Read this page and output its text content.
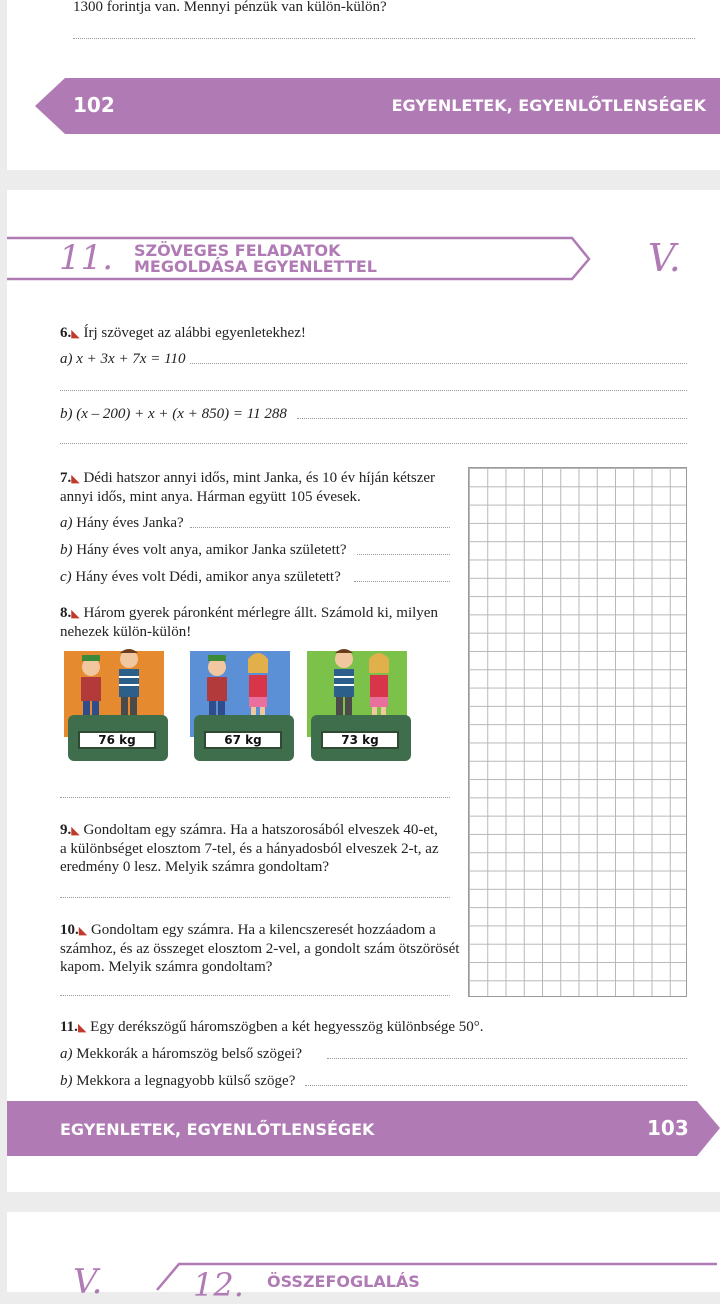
1300 forintja van. Mennyi pénzük van külön-külön?
102	EGYENLETEK, EGYENLŐTLENSÉGEK
11. SZÖVEGES FELADATOK
MEGOLDÁSA EGYENLETTEL	V.
6.◣ Írj szöveget az alábbi egyenletekhez!
a) x + 3x + 7x = 110
b) (x – 200) + x + (x + 850) = 11 288
7.◣ Dédi hatszor annyi idős, mint Janka, és 10 év híján kétszer
annyi idős, mint anya. Hárman együtt 105 évesek.
a) Hány éves Janka?
b) Hány éves volt anya, amikor Janka született?
c) Hány éves volt Dédi, amikor anya született?
8.◣ Három gyerek páronként mérlegre állt. Számold ki, milyen
nehezek külön-külön!
76 kg	67 kg	73 kg
9.◣ Gondoltam egy számra. Ha a hatszorosából elveszek 40-et,
a különbséget elosztom 7-tel, és a hányadosból elveszek 2-t, az
eredmény 0 lesz. Melyik számra gondoltam?
10.◣ Gondoltam egy számra. Ha a kilencszeresét hozzáadom a
számhoz, és az összeget elosztom 2-vel, a gondolt szám ötszörösét
kapom. Melyik számra gondoltam?
11.◣ Egy derékszögű háromszögben a két hegyesszög különbsége 50°.
a) Mekkorák a háromszög belső szögei?
b) Mekkora a legnagyobb külső szöge?
EGYENLETEK, EGYENLŐTLENSÉGEK	103
V.	12. ÖSSZEFOGLALÁS
